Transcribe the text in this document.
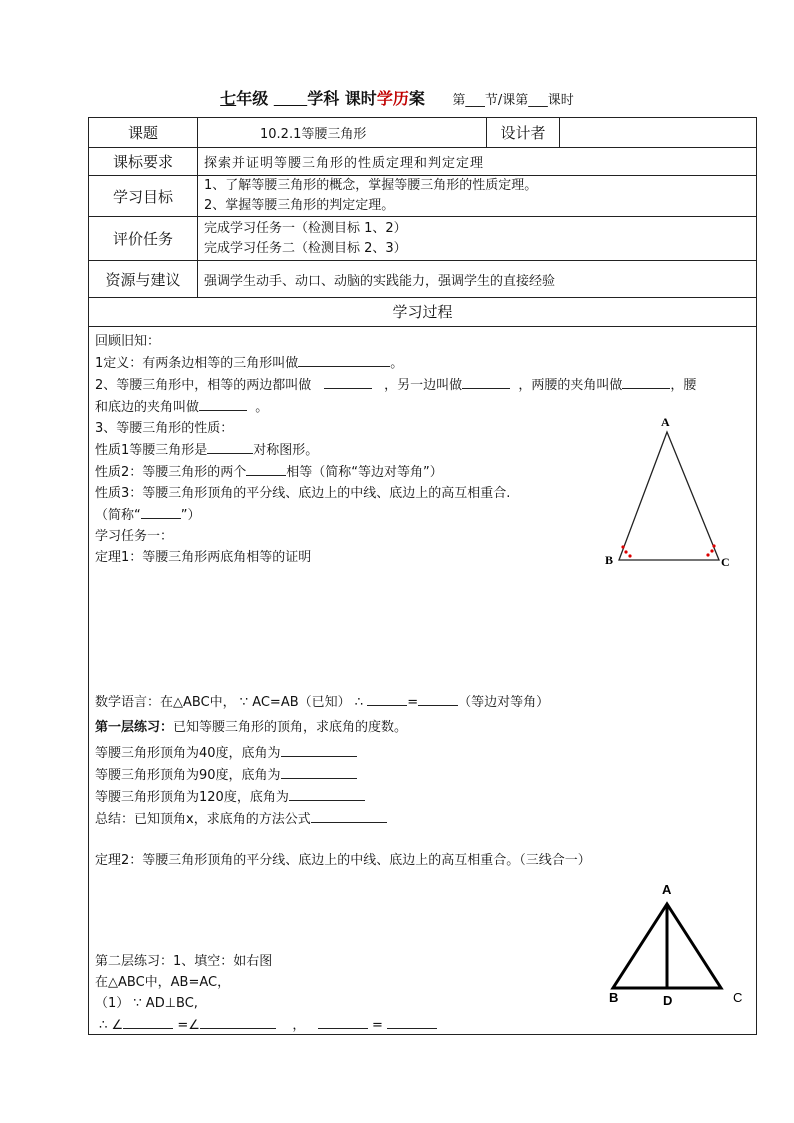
七年级 学科 课时学历案 第___节/课第___课时
课题	10.2.1等腰三角形	设计者	
课标要求	探索并证明等腰三角形的性质定理和判定定理		
学习目标	1、了解等腰三角形的概念，掌握等腰三角形的性质定理。
2、掌握等腰三角形的判定定理。		

评价任务	完成学习任务一（检测目标 1、2）
完成学习任务二（检测目标 2、3）		

资源与建议	强调学生动手、动口、动脑的实践能力，强调学生的直接经验		
学习过程
回顾旧知：
1定义：有两条边相等的三角形叫做	。
2、等腰三角形中，相等的两边都叫做	，另一边叫做	，两腰的夹角叫做	，腰
和底边的夹角叫做	。
3、等腰三角形的性质：
性质1等腰三角形是	对称图形。
性质2：等腰三角形的两个	相等（简称“等边对等角”）
性质3：等腰三角形顶角的平分线、底边上的中线、底边上的高互相重合.
（简称“	”）
学习任务一：
定理1：等腰三角形两底角相等的证明
数学语言：在△ABC中， ∵ AC=AB（已知） ∴	=	（等边对等角）
第一层练习：已知等腰三角形的顶角，求底角的度数。
等腰三角形顶角为40度，底角为
等腰三角形顶角为90度，底角为
等腰三角形顶角为120度，底角为
总结：已知顶角x，求底角的方法公式
定理2：等腰三角形顶角的平分线、底边上的中线、底边上的高互相重合。（三线合一）
第二层练习：1、填空：如右图
在△ABC中，AB=AC，
（1） ∵ AD⊥BC,
∴ ∠	=∠	，	=
A
B	C
A
B	D	C
